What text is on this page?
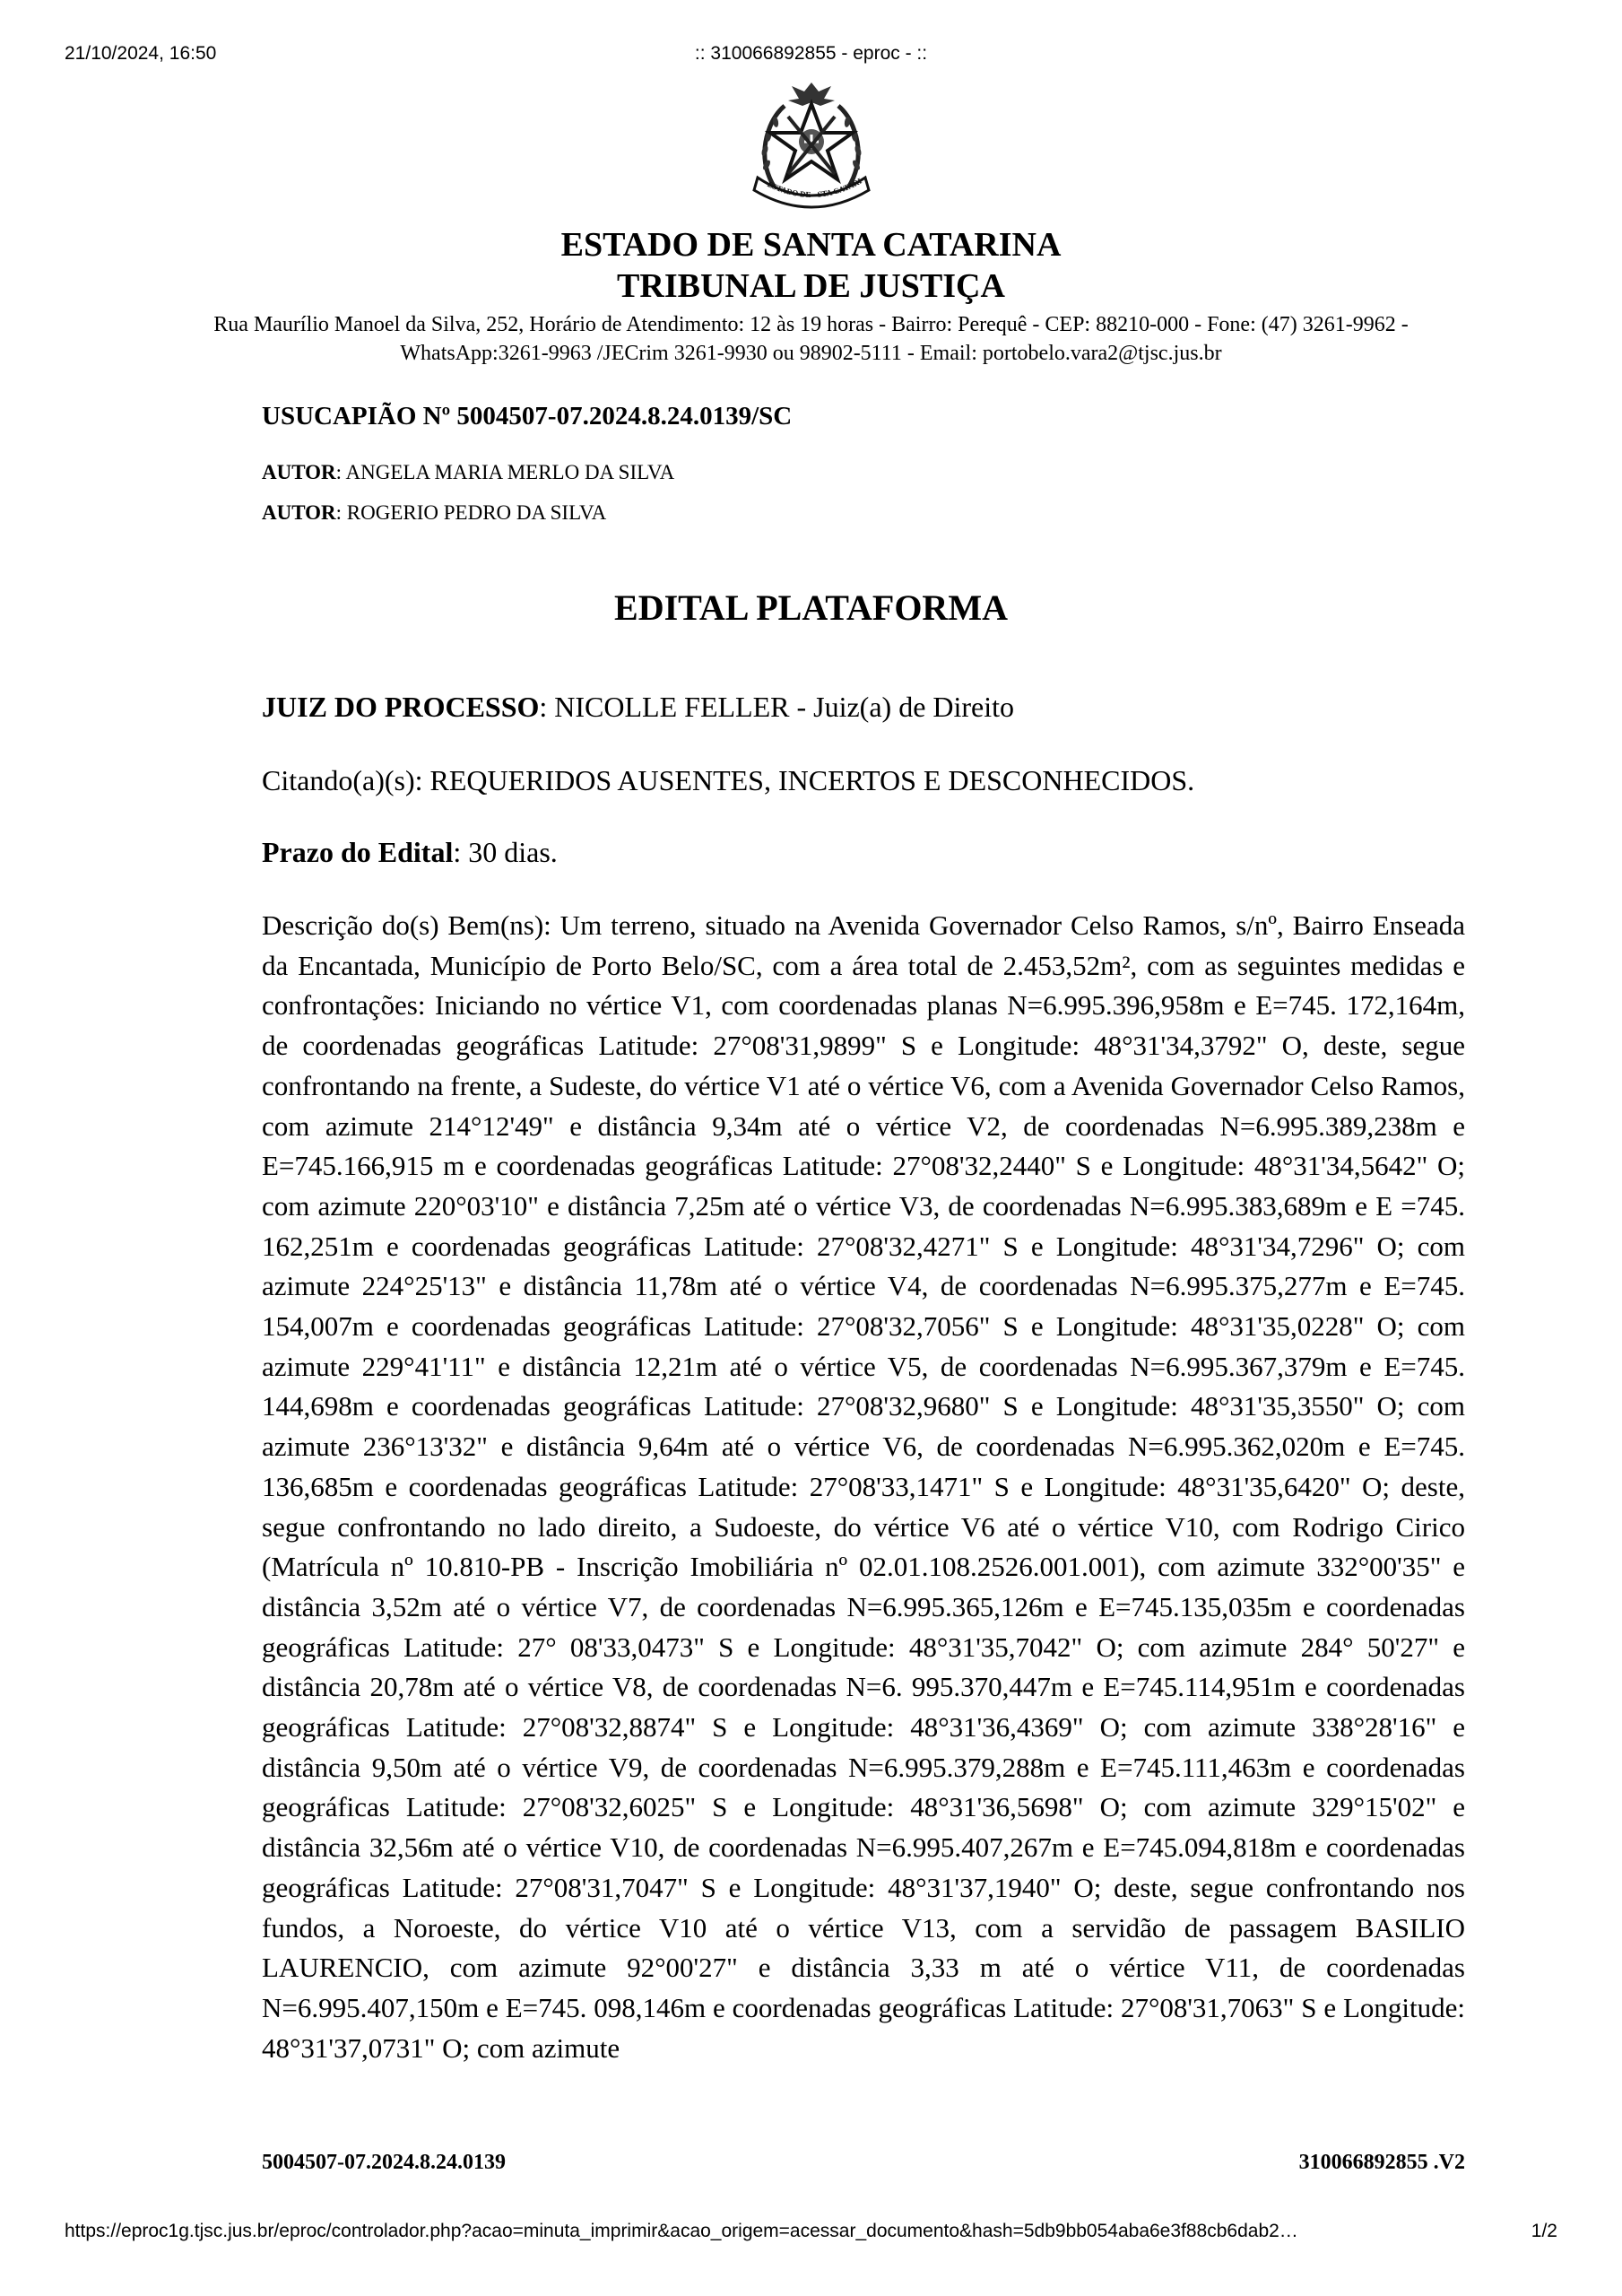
21/10/2024, 16:50	:: 310066892855 - eproc - ::
ESTADO DE STA CATARI
ESTADO DE SANTA CATARINA
TRIBUNAL DE JUSTIÇA
Rua Maurílio Manoel da Silva, 252, Horário de Atendimento: 12 às 19 horas - Bairro: Perequê - CEP: 88210-000 - Fone: (47) 3261-9962 - WhatsApp:3261-9963 /JECrim 3261-9930 ou 98902-5111 - Email: portobelo.vara2@tjsc.jus.br
USUCAPIÃO Nº 5004507-07.2024.8.24.0139/SC
AUTOR: ANGELA MARIA MERLO DA SILVA
AUTOR: ROGERIO PEDRO DA SILVA
EDITAL PLATAFORMA
JUIZ DO PROCESSO: NICOLLE FELLER - Juiz(a) de Direito
Citando(a)(s): REQUERIDOS AUSENTES, INCERTOS E DESCONHECIDOS.
Prazo do Edital: 30 dias.
Descrição do(s) Bem(ns): Um terreno, situado na Avenida Governador Celso Ramos, s/nº, Bairro Enseada da Encantada, Município de Porto Belo/SC, com a área total de 2.453,52m², com as seguintes medidas e confrontações: Iniciando no vértice V1, com coordenadas planas N=6.995.396,958m e E=745. 172,164m, de coordenadas geográficas Latitude: 27°08'31,9899" S e Longitude: 48°31'34,3792" O, deste, segue confrontando na frente, a Sudeste, do vértice V1 até o vértice V6, com a Avenida Governador Celso Ramos, com azimute 214°12'49" e distância 9,34m até o vértice V2, de coordenadas N=6.995.389,238m e E=745.166,915 m e coordenadas geográficas Latitude: 27°08'32,2440" S e Longitude: 48°31'34,5642" O; com azimute 220°03'10" e distância 7,25m até o vértice V3, de coordenadas N=6.995.383,689m e E =745. 162,251m e coordenadas geográficas Latitude: 27°08'32,4271" S e Longitude: 48°31'34,7296" O; com azimute 224°25'13" e distância 11,78m até o vértice V4, de coordenadas N=6.995.375,277m e E=745. 154,007m e coordenadas geográficas Latitude: 27°08'32,7056" S e Longitude: 48°31'35,0228" O; com azimute 229°41'11" e distância 12,21m até o vértice V5, de coordenadas N=6.995.367,379m e E=745. 144,698m e coordenadas geográficas Latitude: 27°08'32,9680" S e Longitude: 48°31'35,3550" O; com azimute 236°13'32" e distância 9,64m até o vértice V6, de coordenadas N=6.995.362,020m e E=745. 136,685m e coordenadas geográficas Latitude: 27°08'33,1471" S e Longitude: 48°31'35,6420" O; deste, segue confrontando no lado direito, a Sudoeste, do vértice V6 até o vértice V10, com Rodrigo Cirico (Matrícula nº 10.810-PB - Inscrição Imobiliária nº 02.01.108.2526.001.001), com azimute 332°00'35" e distância 3,52m até o vértice V7, de coordenadas N=6.995.365,126m e E=745.135,035m e coordenadas geográficas Latitude: 27° 08'33,0473" S e Longitude: 48°31'35,7042" O; com azimute 284° 50'27" e distância 20,78m até o vértice V8, de coordenadas N=6. 995.370,447m e E=745.114,951m e coordenadas geográficas Latitude: 27°08'32,8874" S e Longitude: 48°31'36,4369" O; com azimute 338°28'16" e distância 9,50m até o vértice V9, de coordenadas N=6.995.379,288m e E=745.111,463m e coordenadas geográficas Latitude: 27°08'32,6025" S e Longitude: 48°31'36,5698" O; com azimute 329°15'02" e distância 32,56m até o vértice V10, de coordenadas N=6.995.407,267m e E=745.094,818m e coordenadas geográficas Latitude: 27°08'31,7047" S e Longitude: 48°31'37,1940" O; deste, segue confrontando nos fundos, a Noroeste, do vértice V10 até o vértice V13, com a servidão de passagem BASILIO LAURENCIO, com azimute 92°00'27" e distância 3,33 m até o vértice V11, de coordenadas N=6.995.407,150m e E=745. 098,146m e coordenadas geográficas Latitude: 27°08'31,7063" S e Longitude: 48°31'37,0731" O; com azimute
5004507-07.2024.8.24.0139	310066892855 .V2
https://eproc1g.tjsc.jus.br/eproc/controlador.php?acao=minuta_imprimir&acao_origem=acessar_documento&hash=5db9bb054aba6e3f88cb6dab2…	1/2
